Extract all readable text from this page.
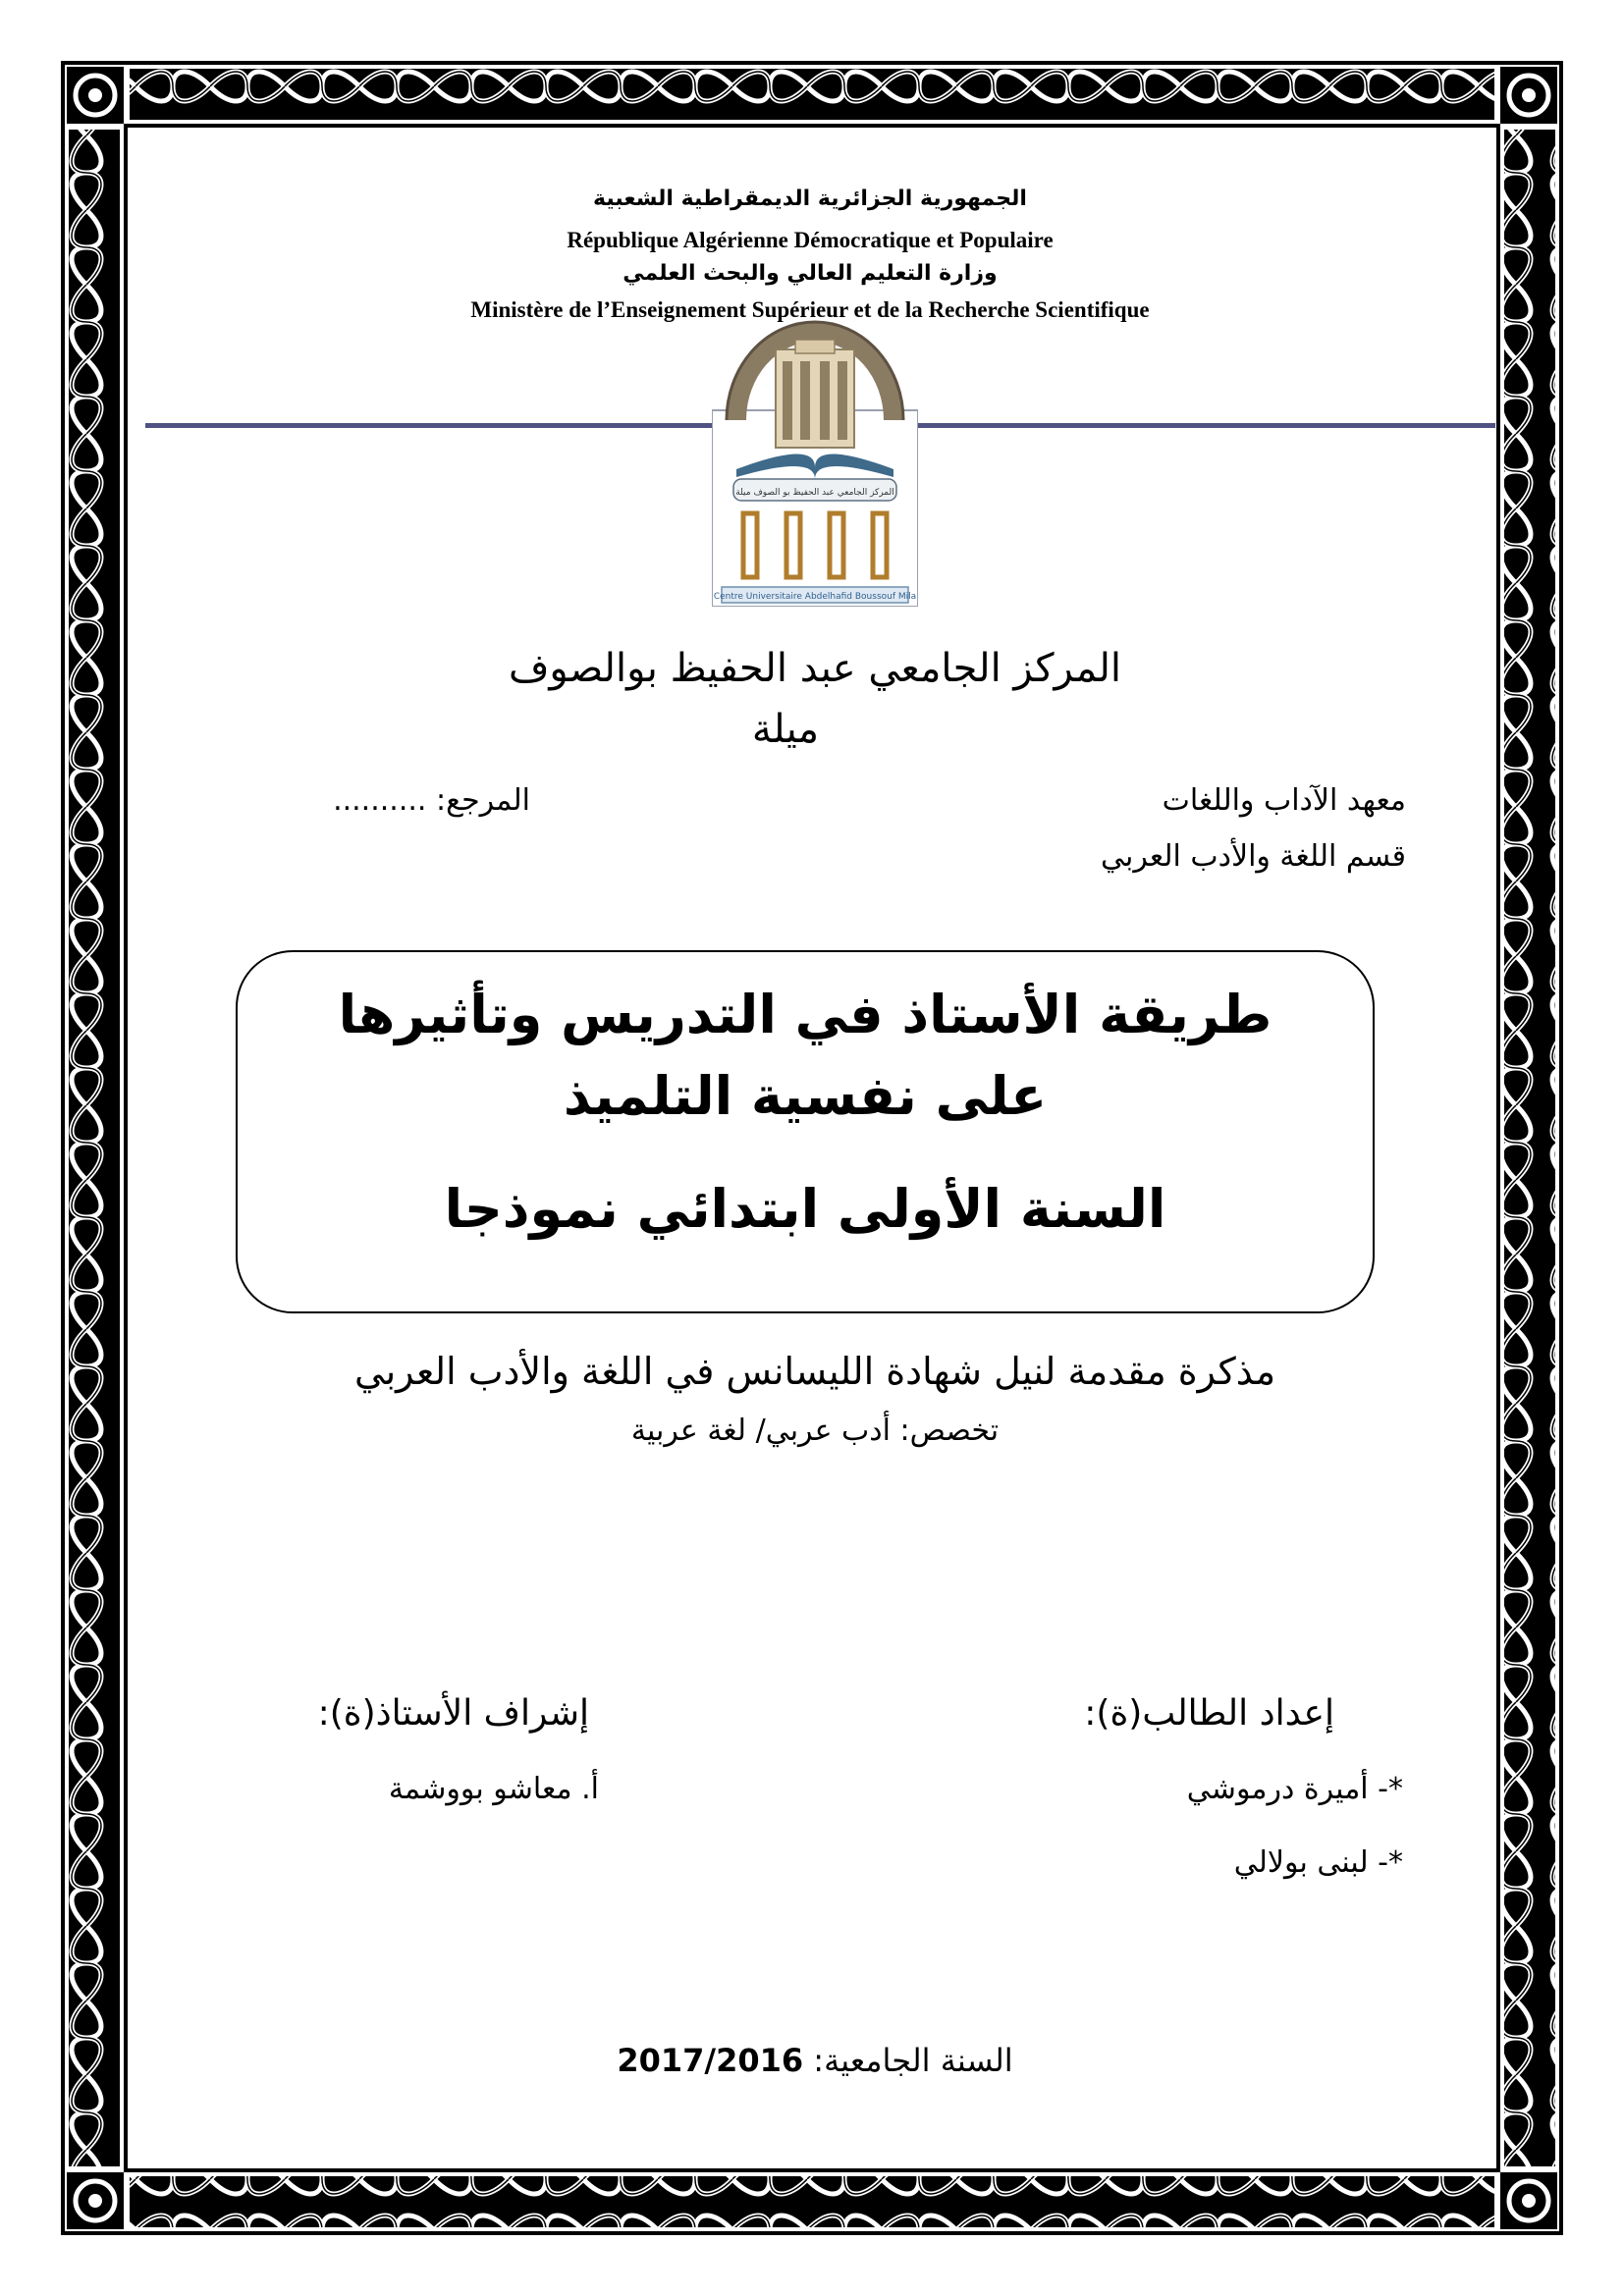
الجمهورية الجزائرية الديمقراطية الشعبية
République Algérienne Démocratique et Populaire
وزارة التعليم العالي والبحث العلمي
Ministère de l’Enseignement Supérieur et de la Recherche Scientifique
المركز الجامعي عبد الحفيظ بو الصوف ميلة
Centre Universitaire Abdelhafid Boussouf Mila
المركز الجامعي عبد الحفيظ بوالصوف
ميلة
معهد الآداب واللغات
قسم اللغة والأدب العربي
المرجع: ..........
طريقة الأستاذ في التدريس وتأثيرها
على نفسية التلميذ
السنة الأولى ابتدائي نموذجا
مذكرة مقدمة لنيل شهادة الليسانس في اللغة والأدب العربي
تخصص: أدب عربي/ لغة عربية
إعداد الطالب(ة):
*- أميرة درموشي
*- لبنى بولالي
إشراف الأستاذ(ة):
أ. معاشو بووشمة
السنة الجامعية: 2017/2016
